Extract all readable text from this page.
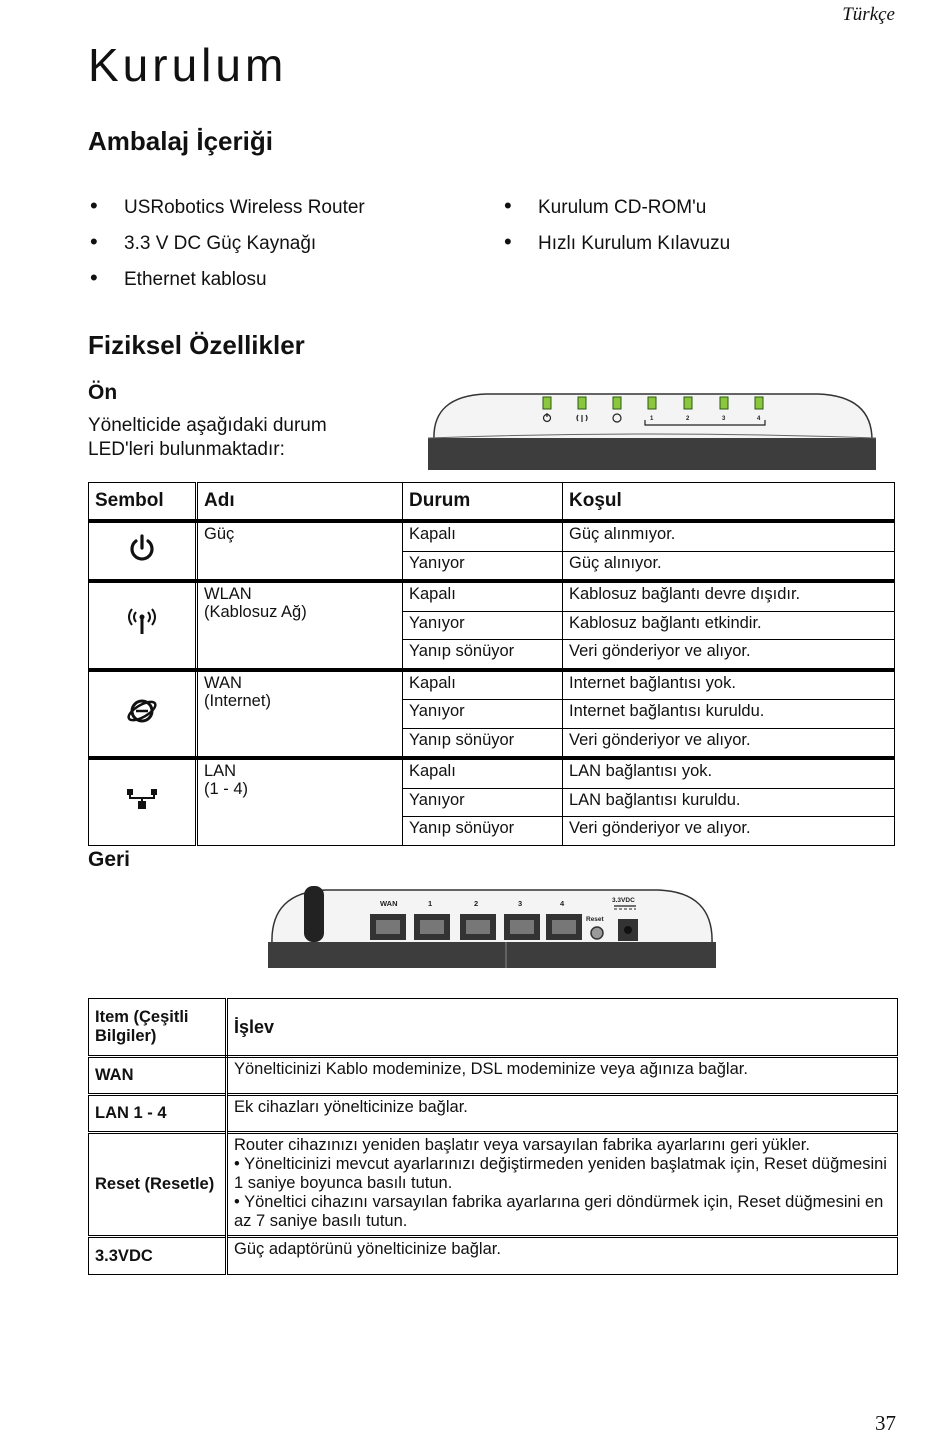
Türkçe
Kurulum
Ambalaj İçeriği
• USRobotics Wireless Router
• 3.3 V DC Güç Kaynağı
• Ethernet kablosu
• Kurulum CD-ROM'u
• Hızlı Kurulum Kılavuzu
Fiziksel Özellikler
Ön
Yönelticide aşağıdaki durum
LED'leri bulunmaktadır:
1	2	3	4
Sembol	Adı	Durum	Koşul

Güç	Kapalı	Güç alınmıyor.
		Yanıyor	Güç alınıyor.

WLAN
(Kablosuz Ağ)	Kapalı	Kablosuz bağlantı devre dışıdır.
		Yanıyor	Kablosuz bağlantı etkindir.
		Yanıp sönüyor	Veri gönderiyor ve alıyor.

WAN
(Internet)	Kapalı	Internet bağlantısı yok.
		Yanıyor	Internet bağlantısı kuruldu.
		Yanıp sönüyor	Veri gönderiyor ve alıyor.

LAN
(1 - 4)	Kapalı	LAN bağlantısı yok.
		Yanıyor	LAN bağlantısı kuruldu.
		Yanıp sönüyor	Veri gönderiyor ve alıyor.
Geri
WAN	1	2	3	4	3.3VDC
Reset
Item (Çeşitli Bilgiler)	İşlev
WAN	Yönelticinizi Kablo modeminize, DSL modeminize veya ağınıza bağlar.
LAN 1 - 4	Ek cihazları yönelticinize bağlar.
Reset (Resetle)	Router cihazınızı yeniden başlatır veya varsayılan fabrika ayarlarını geri yükler.
• Yönelticinizi mevcut ayarlarınızı değiştirmeden yeniden başlatmak için, Reset düğmesini 1 saniye boyunca basılı tutun.
• Yöneltici cihazını varsayılan fabrika ayarlarına geri döndürmek için, Reset düğmesini en az 7 saniye basılı tutun.

3.3VDC	Güç adaptörünü yönelticinize bağlar.
37
